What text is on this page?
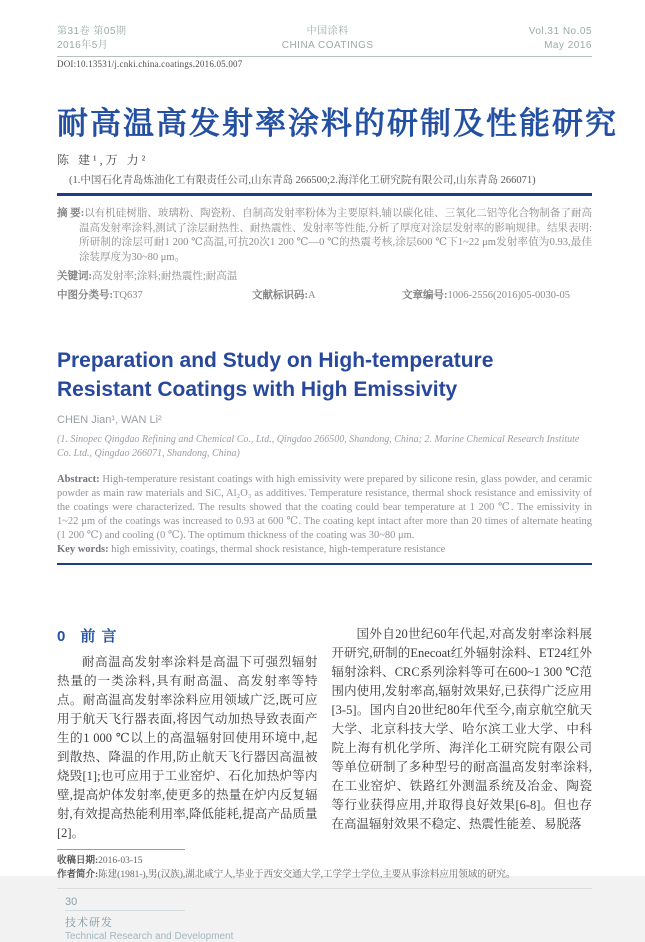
第31卷 第05期
2016年5月
中国涂料
CHINA COATINGS
Vol.31 No.05
May 2016
DOI:10.13531/j.cnki.china.coatings.2016.05.007
耐高温高发射率涂料的研制及性能研究
陈 建¹,万 力²
(1.中国石化青岛炼油化工有限责任公司,山东青岛 266500;2.海洋化工研究院有限公司,山东青岛 266071)

摘 要:以有机硅树脂、玻璃粉、陶瓷粉、自制高发射率粉体为主要原料,辅以碳化硅、三氧化二铝等化合物制备了耐高温高发射率涂料,测试了涂层耐热性、耐热震性、发射率等性能,分析了厚度对涂层发射率的影响规律。结果表明:所研制的涂层可耐1 200 ℃高温,可抗20次1 200 ℃—0 ℃的热震考核,涂层600 ℃下1~22 μm发射率值为0.93,最佳涂装厚度为30~80 μm。

关键词:高发射率;涂料;耐热震性;耐高温

中图分类号:TQ637	文献标识码:A	文章编号:1006-2556(2016)05-0030-05
Preparation and Study on High-temperature Resistant Coatings with High Emissivity
CHEN Jian¹, WAN Li²
(1. Sinopec Qingdao Refining and Chemical Co., Ltd., Qingdao 266500, Shandong, China; 2. Marine Chemical Research Institute Co. Ltd., Qingdao 266071, Shandong, China)

Abstract: High-temperature resistant coatings with high emissivity were prepared by silicone resin, glass powder, and ceramic powder as main raw materials and SiC, Al₂O₃ as additives. Temperature resistance, thermal shock resistance and emissivity of the coatings were characterized. The results showed that the coating could bear temperature at 1 200 ℃. The emissivity in 1~22 μm of the coatings was increased to 0.93 at 600 ℃. The coating kept intact after more than 20 times of alternate heating (1 200 ℃) and cooling (0 ℃). The optimum thickness of the coating was 30~80 μm.

Key words: high emissivity, coatings, thermal shock resistance, high-temperature resistance

0 前 言

耐高温高发射率涂料是高温下可强烈辐射热量的一类涂料,具有耐高温、高发射率等特点。耐高温高发射率涂料应用领域广泛,既可应用于航天飞行器表面,将因气动加热导致表面产生的1 000 ℃以上的高温辐射回使用环境中,起到散热、降温的作用,防止航天飞行器因高温被烧毁[1];也可应用于工业窑炉、石化加热炉等内壁,提高炉体发射率,使更多的热量在炉内反复辐射,有效提高热能利用率,降低能耗,提高产品质量[2]。

国外自20世纪60年代起,对高发射率涂料展开研究,研制的Enecoat红外辐射涂料、ET24红外辐射涂料、CRC系列涂料等可在600~1 300 ℃范围内使用,发射率高,辐射效果好,已获得广泛应用[3-5]。国内自20世纪80年代至今,南京航空航天大学、北京科技大学、哈尔滨工业大学、中科院上海有机化学所、海洋化工研究院有限公司等单位研制了多种型号的耐高温高发射率涂料,在工业窑炉、铁路红外测温系统及冶金、陶瓷等行业获得应用,并取得良好效果[6-8]。但也存在高温辐射效果不稳定、热震性能差、易脱落

收稿日期:2016-03-15
作者简介:陈建(1981-),男(汉族),湖北咸宁人,毕业于西安交通大学,工学学士学位,主要从事涂料应用领域的研究。
30
技术研发
Technical Research and Development
